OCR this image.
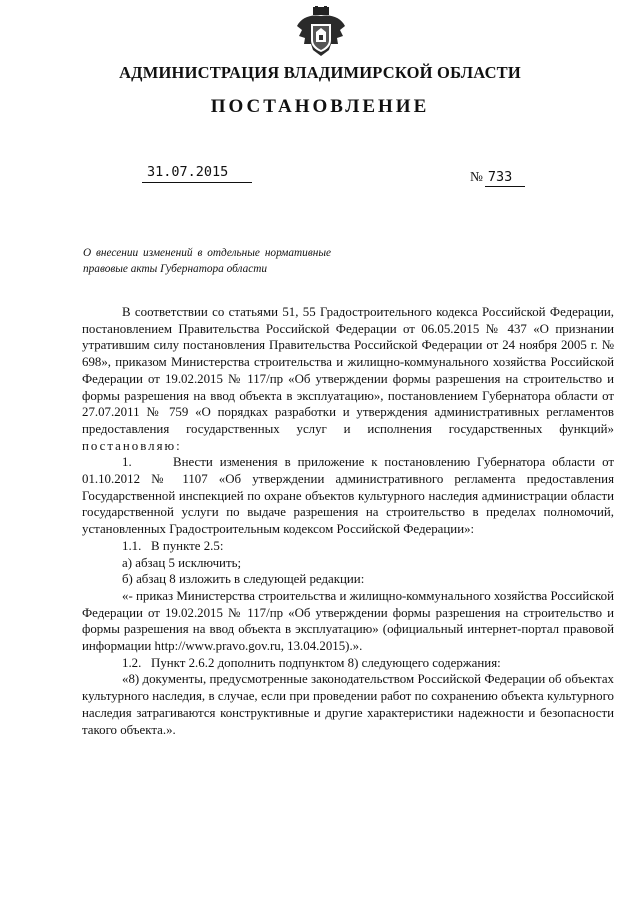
АДМИНИСТРАЦИЯ ВЛАДИМИРСКОЙ ОБЛАСТИ
ПОСТАНОВЛЕНИЕ
31.07.2015	№ 733
О внесении изменений в отдельные нормативные правовые акты Губернатора области

В соответствии со статьями 51, 55 Градостроительного кодекса Российской Федерации, постановлением Правительства Российской Федерации от 06.05.2015 № 437 «О признании утратившим силу постановления Правительства Российской Федерации от 24 ноября 2005 г. № 698», приказом Министерства строительства и жилищно-коммунального хозяйства Российской Федерации от 19.02.2015 № 117/пр «Об утверждении формы разрешения на строительство и формы разрешения на ввод объекта в эксплуатацию», постановлением Губернатора области от 27.07.2011 № 759 «О порядках разработки и утверждения административных регламентов предоставления государственных услуг и исполнения государственных функций» постановляю:

1.      Внести изменения в приложение к постановлению Губернатора области от 01.10.2012 № 1107 «Об утверждении административного регламента предоставления Государственной инспекцией по охране объектов культурного наследия администрации области государственной услуги по выдаче разрешения на строительство в пределах полномочий, установленных Градостроительным кодексом Российской Федерации»:

1.1.   В пункте 2.5:

а) абзац 5 исключить;

б) абзац 8 изложить в следующей редакции:

«- приказ Министерства строительства и жилищно-коммунального хозяйства Российской Федерации от 19.02.2015 № 117/пр «Об утверждении формы разрешения на строительство и формы разрешения на ввод объекта в эксплуатацию» (официальный интернет-портал правовой информации http://www.pravo.gov.ru, 13.04.2015).».

1.2.   Пункт 2.6.2 дополнить подпунктом 8) следующего содержания:

«8) документы, предусмотренные законодательством Российской Федерации об объектах культурного наследия, в случае, если при проведении работ по сохранению объекта культурного наследия затрагиваются конструктивные и другие характеристики надежности и безопасности такого объекта.».
